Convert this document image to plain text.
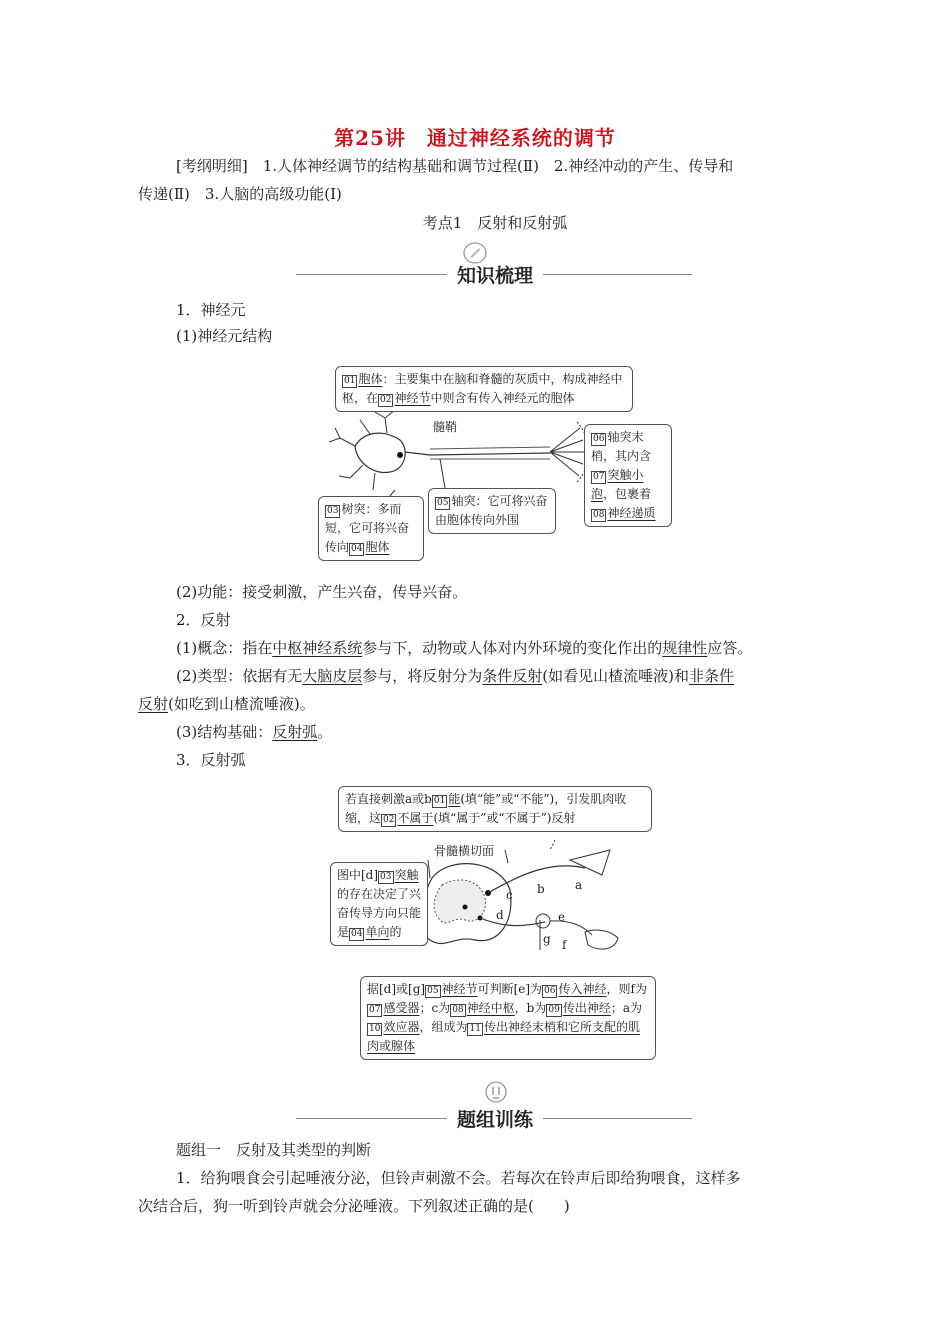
第25讲　通过神经系统的调节
[考纲明细]　1.人体神经调节的结构基础和调节过程(Ⅱ)　2.神经冲动的产生、传导和
传递(Ⅱ)　3.人脑的高级功能(Ⅰ)
考点1　反射和反射弧
知识梳理
1．神经元
(1)神经元结构
髓鞘
01 胞体：主要集中在脑和脊髓的灰质中，构成神经中枢，在 02 神经节中则含有传入神经元的胞体
03 树突：多而短，它可将兴奋传向 04 胞体
05 轴突：它可将兴奋由胞体传向外围
06 轴突末梢，其内含07 突触小泡，包裹着08 神经递质
(2)功能：接受刺激，产生兴奋，传导兴奋。
2．反射
(1)概念：指在中枢神经系统参与下，动物或人体对内外环境的变化作出的规律性应答。
(2)类型：依据有无大脑皮层参与，将反射分为条件反射(如看见山楂流唾液)和非条件
反射(如吃到山楂流唾液)。
(3)结构基础：反射弧。
3．反射弧
骨髓横切面
a
b
c
d	e
f
g
若直接刺激a或b 01 能(填“能”或“不能”)，引发肌肉收缩，这 02 不属于(填“属于”或“不属于”)反射
图中[d] 03 突触的存在决定了兴奋传导方向只能是 04 单向的
据[d]或[g] 05 神经节可判断[e]为 06 传入神经，则f为07 感受器；c为 08 神经中枢，b为 09 传出神经；a为10 效应器，组成为 11 传出神经末梢和它所支配的肌肉或腺体
题组训练
题组一　反射及其类型的判断
1．给狗喂食会引起唾液分泌，但铃声刺激不会。若每次在铃声后即给狗喂食，这样多
次结合后，狗一听到铃声就会分泌唾液。下列叙述正确的是(　　)
